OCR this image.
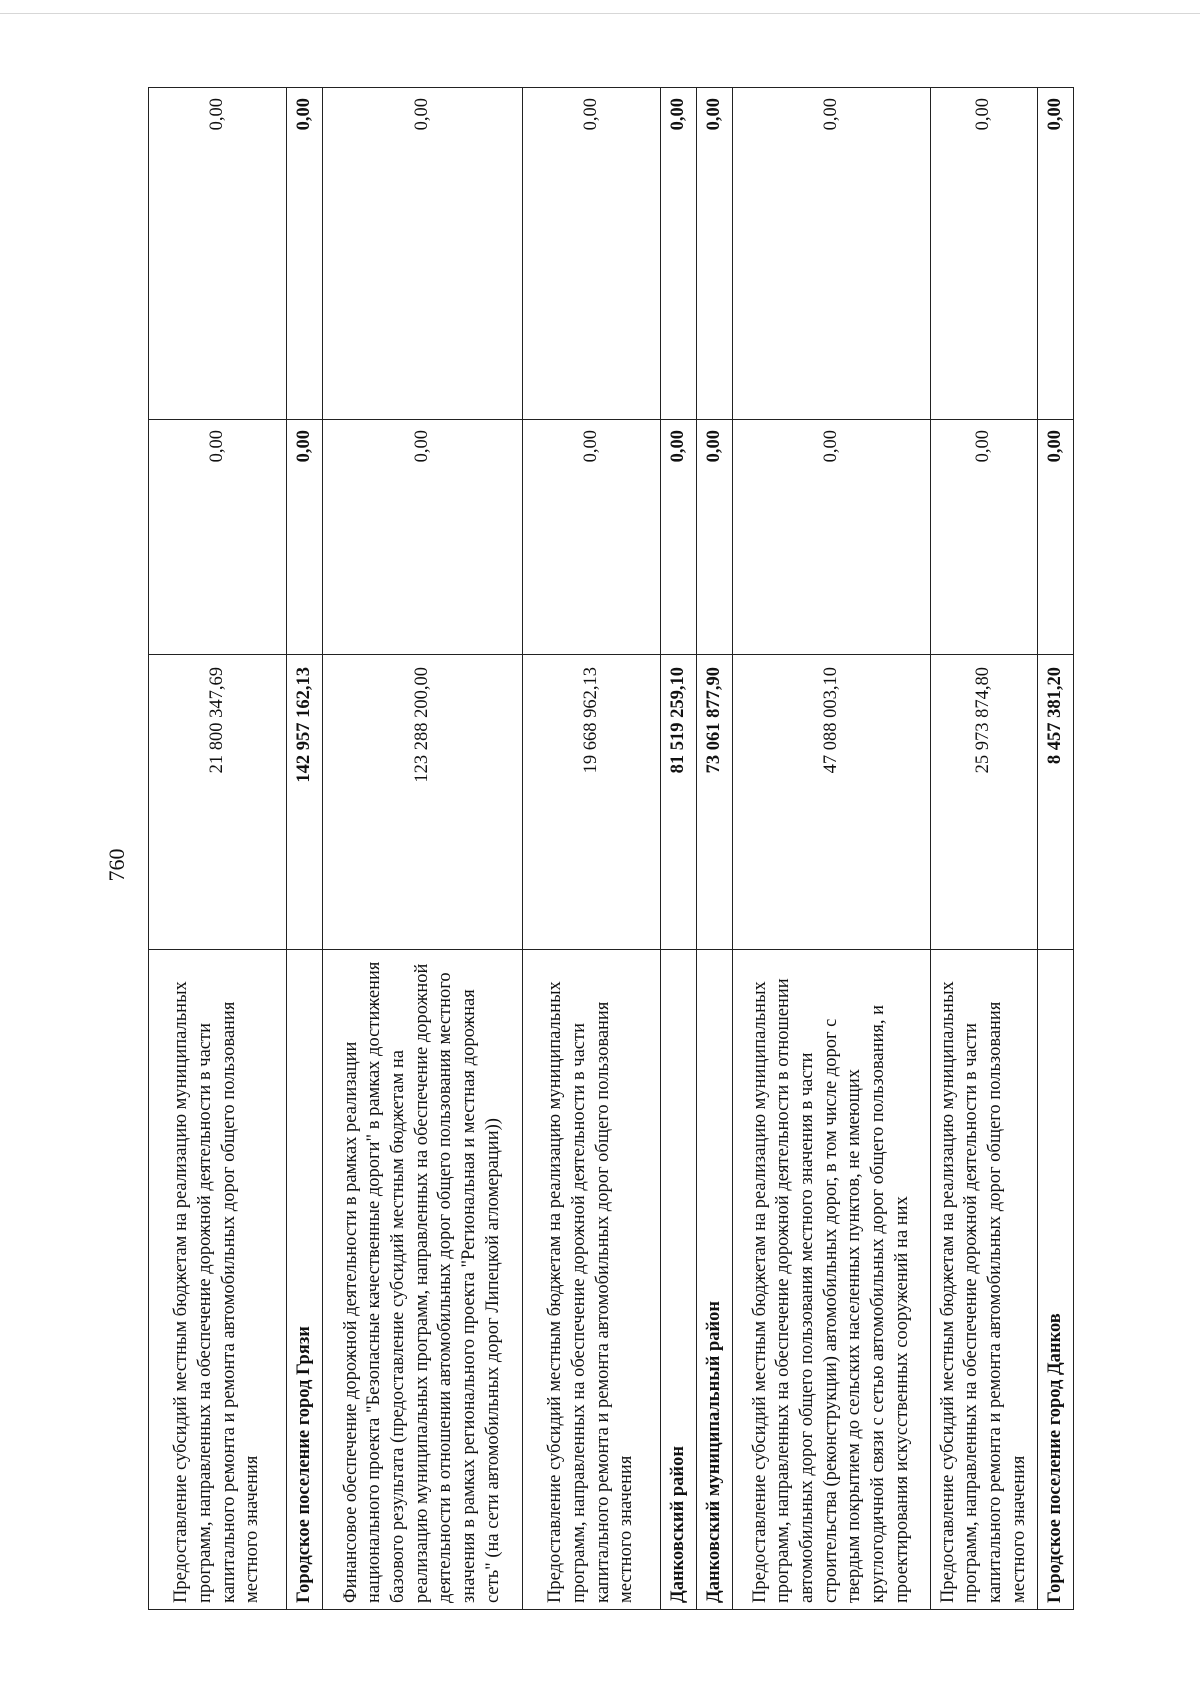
760
Предоставление субсидий местным бюджетам на реализацию муниципальных программ, направленных на обеспечение дорожной деятельности в части капитального ремонта и ремонта автомобильных дорог общего пользования местного значения	21 800 347,69	0,00	0,00
Городское поселение город Грязи	142 957 162,13	0,00	0,00
Финансовое обеспечение дорожной деятельности в рамках реализации национального проекта "Безопасные качественные дороги" в рамках достижения базового результата (предоставление субсидий местным бюджетам на реализацию муниципальных программ, направленных на обеспечение дорожной деятельности в отношении автомобильных дорог общего пользования местного значения в рамках регионального проекта "Региональная и местная дорожная сеть" (на сети автомобильных дорог Липецкой агломерации))	123 288 200,00	0,00	0,00
Предоставление субсидий местным бюджетам на реализацию муниципальных программ, направленных на обеспечение дорожной деятельности в части капитального ремонта и ремонта автомобильных дорог общего пользования местного значения	19 668 962,13	0,00	0,00
Данковский район	81 519 259,10	0,00	0,00
Данковский муниципальный район	73 061 877,90	0,00	0,00
Предоставление субсидий местным бюджетам на реализацию муниципальных программ, направленных на обеспечение дорожной деятельности в отношении автомобильных дорог общего пользования местного значения в части строительства (реконструкции) автомобильных дорог, в том числе дорог с твердым покрытием до сельских населенных пунктов, не имеющих круглогодичной связи с сетью автомобильных дорог общего пользования, и проектирования искусственных сооружений на них	47 088 003,10	0,00	0,00
Предоставление субсидий местным бюджетам на реализацию муниципальных программ, направленных на обеспечение дорожной деятельности в части капитального ремонта и ремонта автомобильных дорог общего пользования местного значения	25 973 874,80	0,00	0,00
Городское поселение город Данков	8 457 381,20	0,00	0,00
